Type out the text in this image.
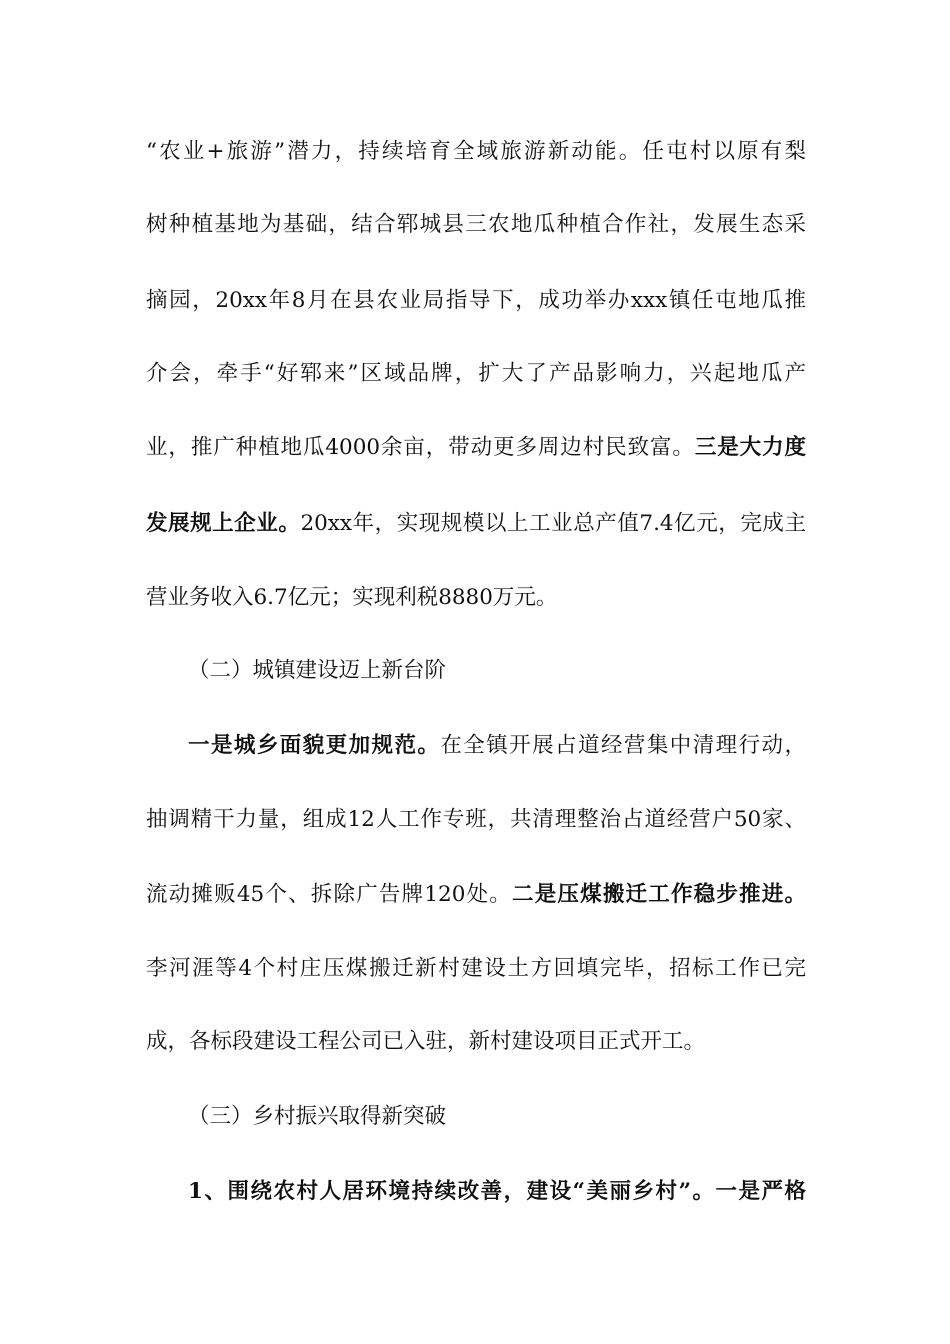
“农业+旅游”潜力，持续培育全域旅游新动能。任屯村以原有梨
树种植基地为基础，结合郓城县三农地瓜种植合作社，发展生态采
摘园，20xx年8月在县农业局指导下，成功举办xxx镇任屯地瓜推
介会，牵手“好郓来”区域品牌，扩大了产品影响力，兴起地瓜产
业，推广种植地瓜4000余亩，带动更多周边村民致富。三是大力度
发展规上企业。20xx年，实现规模以上工业总产值7.4亿元，完成主
营业务收入6.7亿元；实现利税8880万元。
（二）城镇建设迈上新台阶
一是城乡面貌更加规范。在全镇开展占道经营集中清理行动，
抽调精干力量，组成12人工作专班，共清理整治占道经营户50家、
流动摊贩45个、拆除广告牌120处。二是压煤搬迁工作稳步推进。
李河涯等4个村庄压煤搬迁新村建设土方回填完毕，招标工作已完
成，各标段建设工程公司已入驻，新村建设项目正式开工。
（三）乡村振兴取得新突破
1、围绕农村人居环境持续改善，建设“美丽乡村”。一是严格
